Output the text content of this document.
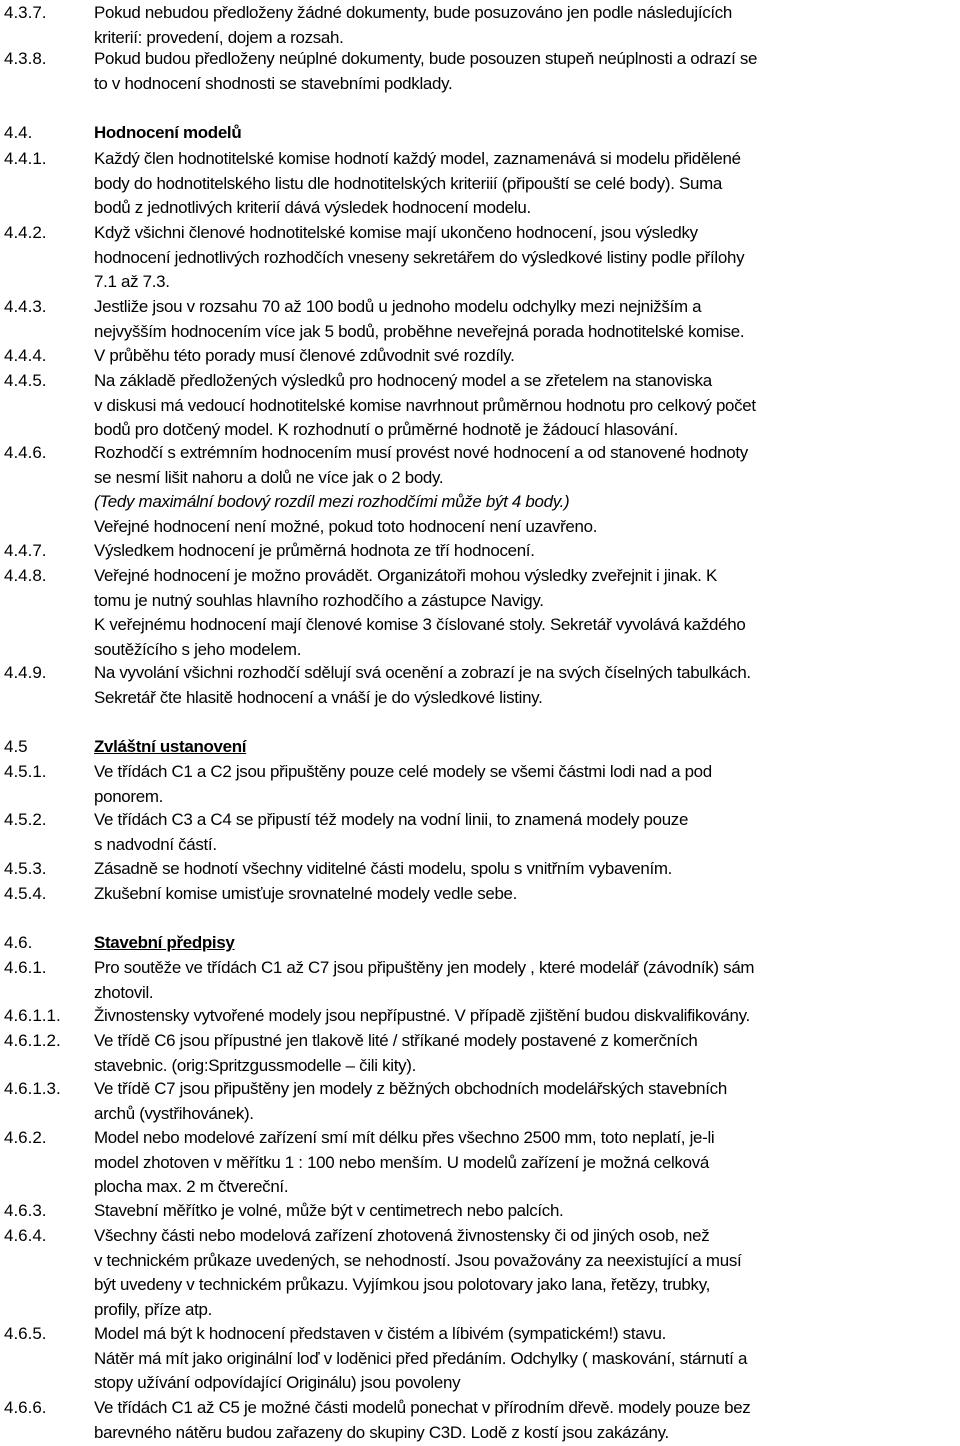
4.3.7.	Pokud nebudou předloženy žádné dokumenty, bude posuzováno jen podle následujících
kriterií: provedení, dojem a rozsah.
4.3.8.	Pokud budou předloženy neúplné dokumenty, bude posouzen stupeň neúplnosti a odrazí se
to v hodnocení shodnosti se stavebními podklady.
4.4.	Hodnocení modelů
4.4.1.	Každý člen hodnotitelské komise hodnotí každý model, zaznamenává si modelu přidělené
body do hodnotitelského listu dle hodnotitelských kriteriií (připouští se celé body). Suma
bodů z jednotlivých kriterií dává výsledek hodnocení modelu.
4.4.2.	Když všichni členové hodnotitelské komise mají ukončeno hodnocení, jsou výsledky
hodnocení jednotlivých rozhodčích vneseny sekretářem do výsledkové listiny podle přílohy
7.1 až 7.3.
4.4.3.	Jestliže jsou v rozsahu 70 až 100 bodů u jednoho modelu odchylky mezi nejnižším a
nejvyšším hodnocením více jak 5 bodů, proběhne neveřejná porada hodnotitelské komise.
4.4.4.	V průběhu této porady musí členové zdůvodnit své rozdíly.
4.4.5.	Na základě předložených výsledků pro hodnocený model a se zřetelem na stanoviska
v diskusi má vedoucí hodnotitelské komise navrhnout průměrnou hodnotu pro celkový počet
bodů pro dotčený model. K rozhodnutí o průměrné hodnotě je žádoucí hlasování.
4.4.6.	Rozhodčí s extrémním hodnocením musí provést nové hodnocení a od stanovené hodnoty
se nesmí lišit nahoru a dolů ne více jak o 2 body.
(Tedy maximální bodový rozdíl mezi rozhodčími může být 4 body.)
Veřejné hodnocení není možné, pokud toto hodnocení není uzavřeno.
4.4.7.	Výsledkem hodnocení je průměrná hodnota ze tří hodnocení.
4.4.8.	Veřejné hodnocení je možno provádět. Organizátoři mohou výsledky zveřejnit i jinak. K
tomu je nutný souhlas hlavního rozhodčího a zástupce Navigy.
K veřejnému hodnocení mají členové komise 3 číslované stoly. Sekretář vyvolává každého
soutěžícího s jeho modelem.
4.4.9.	Na vyvolání všichni rozhodčí sdělují svá ocenění a zobrazí je na svých číselných tabulkách.
Sekretář čte hlasitě hodnocení a vnáší je do výsledkové listiny.
4.5	Zvláštní ustanovení
4.5.1.	Ve třídách C1 a C2 jsou připuštěny pouze celé modely se všemi částmi lodi nad a pod
ponorem.
4.5.2.	Ve třídách C3 a C4 se připustí též modely na vodní linii, to znamená modely pouze
s nadvodní částí.
4.5.3.	Zásadně se hodnotí všechny viditelné části modelu, spolu s vnitřním vybavením.
4.5.4.	Zkušební komise umisťuje srovnatelné modely vedle sebe.
4.6.	Stavební předpisy
4.6.1.	Pro soutěže ve třídách C1 až C7 jsou připuštěny jen modely , které modelář (závodník) sám
zhotovil.
4.6.1.1. Živnostensky vytvořené modely jsou nepřípustné. V případě zjištění budou diskvalifikovány.
4.6.1.2. Ve třídě C6 jsou přípustné jen tlakově lité / stříkané modely postavené z komerčních
stavebnic. (orig:Spritzgussmodelle – čili kity).
4.6.1.3. Ve třídě C7 jsou připuštěny jen modely z běžných obchodních modelářských stavebních
archů (vystřihovánek).
4.6.2.	Model nebo modelové zařízení smí mít délku přes všechno 2500 mm, toto neplatí, je-li
model zhotoven v měřítku 1 : 100 nebo menším. U modelů zařízení je možná celková
plocha max. 2 m čtvereční.
4.6.3.	Stavební měřítko je volné, může být v centimetrech nebo palcích.
4.6.4.	Všechny části nebo modelová zařízení zhotovená živnostensky či od jiných osob, než
v technickém průkaze uvedených, se nehodností. Jsou považovány za neexistující a musí
být uvedeny v technickém průkazu. Vyjímkou jsou polotovary jako lana, řetězy, trubky,
profily, příze atp.
4.6.5.	Model má být k hodnocení představen v čistém a líbivém (sympatickém!) stavu.
Nátěr má mít jako originální loď v loděnici před předáním. Odchylky ( maskování, stárnutí a
stopy užívání odpovídající Originálu) jsou povoleny
4.6.6.	Ve třídách C1 až C5 je možné části modelů ponechat v přírodním dřevě. modely pouze bez
barevného nátěru budou zařazeny do skupiny C3D. Lodě z kostí jsou zakázány.
